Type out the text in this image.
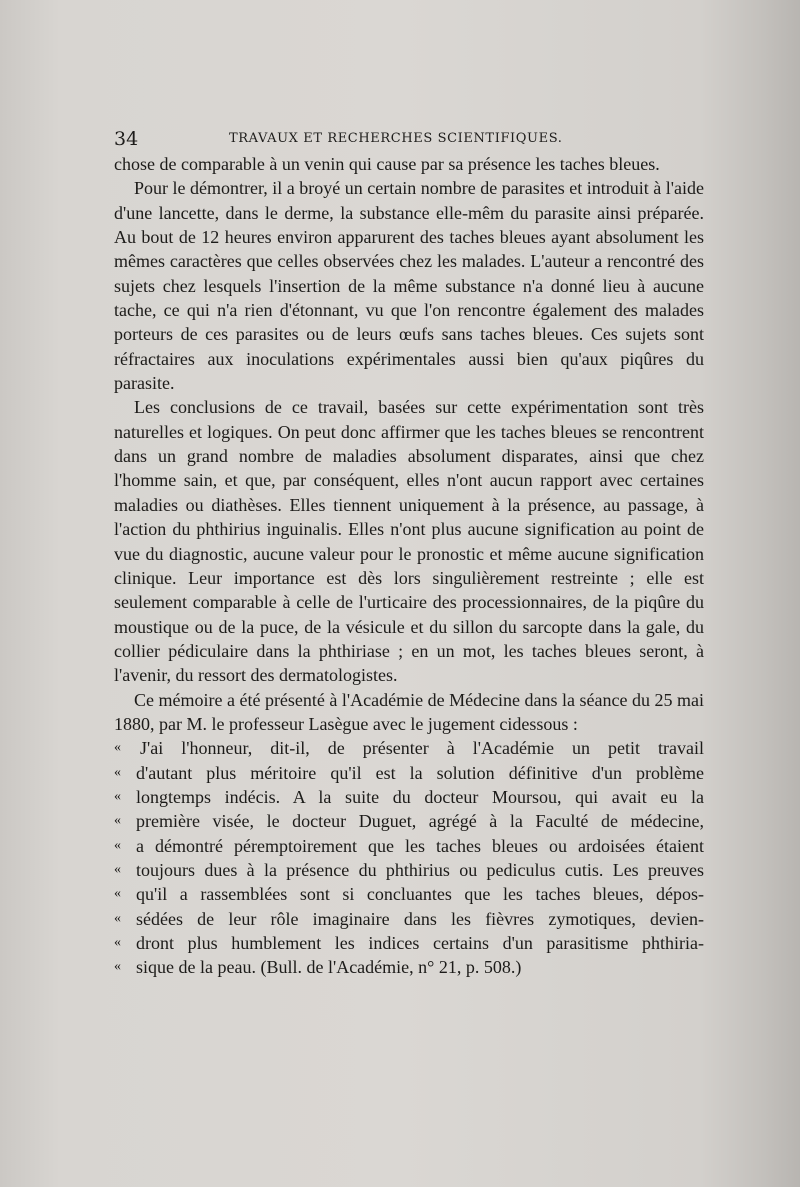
34	TRAVAUX ET RECHERCHES SCIENTIFIQUES.

chose de comparable à un venin qui cause par sa présence les taches bleues.

Pour le démontrer, il a broyé un certain nombre de parasites et introduit à l'aide d'une lancette, dans le derme, la substance elle-mêm du parasite ainsi préparée. Au bout de 12 heures environ apparurent des taches bleues ayant absolument les mêmes caractères que celles observées chez les malades. L'auteur a rencontré des sujets chez lesquels l'insertion de la même substance n'a donné lieu à aucune tache, ce qui n'a rien d'étonnant, vu que l'on rencontre également des malades porteurs de ces parasites ou de leurs œufs sans taches bleues. Ces sujets sont réfractaires aux inoculations expérimentales aussi bien qu'aux piqûres du parasite.

Les conclusions de ce travail, basées sur cette expérimentation sont très naturelles et logiques. On peut donc affirmer que les taches bleues se rencontrent dans un grand nombre de maladies absolument disparates, ainsi que chez l'homme sain, et que, par conséquent, elles n'ont aucun rapport avec certaines maladies ou diathèses. Elles tiennent uniquement à la présence, au passage, à l'action du phthirius inguinalis. Elles n'ont plus aucune signification au point de vue du diagnostic, aucune valeur pour le pronostic et même aucune signification clinique. Leur importance est dès lors singulièrement restreinte ; elle est seulement comparable à celle de l'urticaire des processionnaires, de la piqûre du moustique ou de la puce, de la vésicule et du sillon du sarcopte dans la gale, du collier pédiculaire dans la phthiriase ; en un mot, les taches bleues seront, à l'avenir, du ressort des dermatologistes.

Ce mémoire a été présenté à l'Académie de Médecine dans la séance du 25 mai 1880, par M. le professeur Lasègue avec le jugement cidessous :

« J'ai l'honneur, dit-il, de présenter à l'Académie un petit travail
« d'autant plus méritoire qu'il est la solution définitive d'un problème
« longtemps indécis. A la suite du docteur Moursou, qui avait eu la
« première visée, le docteur Duguet, agrégé à la Faculté de médecine,
« a démontré péremptoirement que les taches bleues ou ardoisées étaient
« toujours dues à la présence du phthirius ou pediculus cutis. Les preuves
« qu'il a rassemblées sont si concluantes que les taches bleues, dépos-
« sédées de leur rôle imaginaire dans les fièvres zymotiques, devien-
« dront plus humblement les indices certains d'un parasitisme phthiria-
« sique de la peau. (Bull. de l'Académie, n° 21, p. 508.)
